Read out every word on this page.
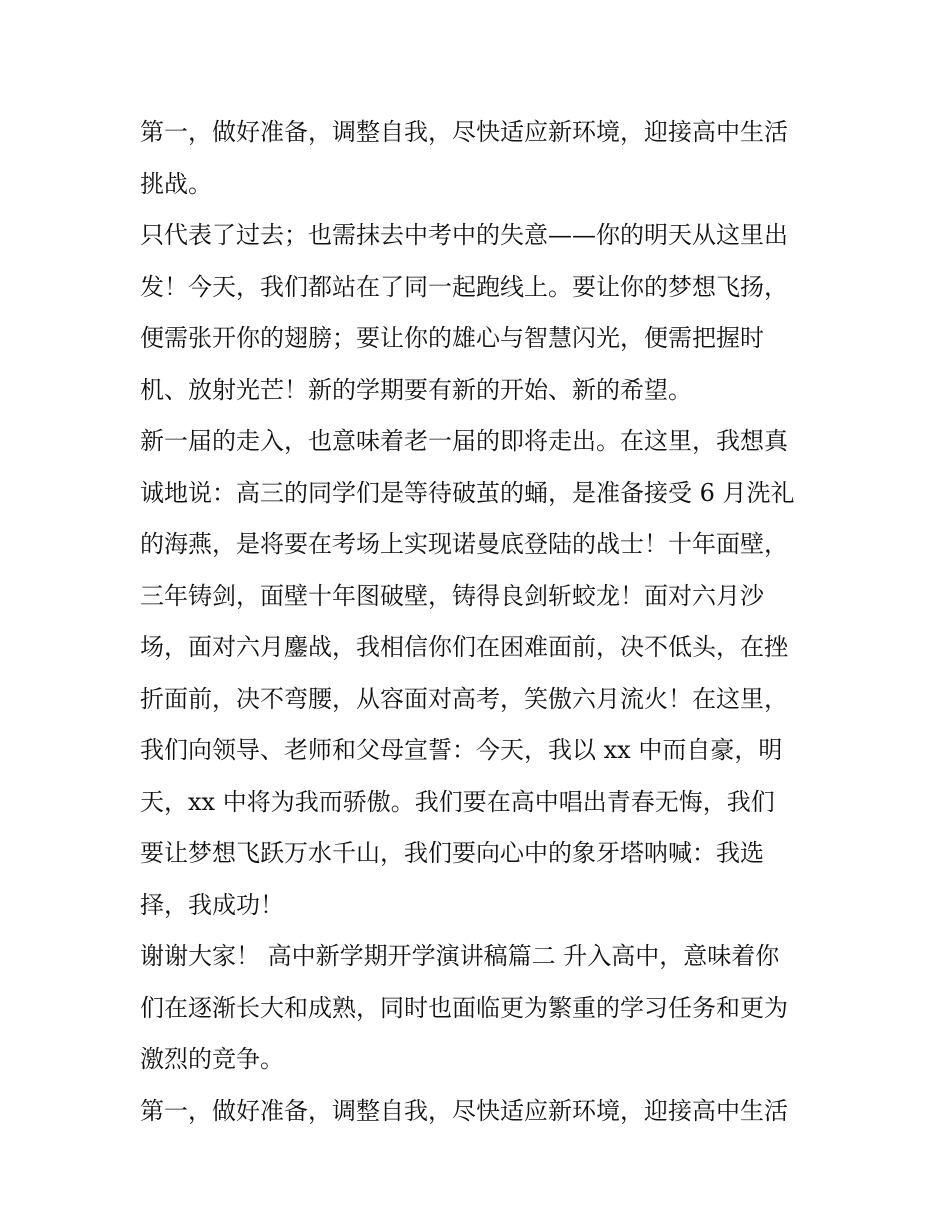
第一，做好准备，调整自我，尽快适应新环境，迎接高中生活
挑战。
只代表了过去；也需抹去中考中的失意——你的明天从这里出
发！今天，我们都站在了同一起跑线上。要让你的梦想飞扬，
便需张开你的翅膀；要让你的雄心与智慧闪光，便需把握时
机、放射光芒！新的学期要有新的开始、新的希望。
新一届的走入，也意味着老一届的即将走出。在这里，我想真
诚地说：高三的同学们是等待破茧的蛹，是准备接受 6 月洗礼
的海燕，是将要在考场上实现诺曼底登陆的战士！十年面壁，
三年铸剑，面壁十年图破壁，铸得良剑斩蛟龙！面对六月沙
场，面对六月鏖战，我相信你们在困难面前，决不低头，在挫
折面前，决不弯腰，从容面对高考，笑傲六月流火！在这里，
我们向领导、老师和父母宣誓：今天，我以 xx 中而自豪，明
天，xx 中将为我而骄傲。我们要在高中唱出青春无悔，我们
要让梦想飞跃万水千山，我们要向心中的象牙塔呐喊：我选
择，我成功！
谢谢大家！ 高中新学期开学演讲稿篇二 升入高中，意味着你
们在逐渐长大和成熟，同时也面临更为繁重的学习任务和更为
激烈的竞争。
第一，做好准备，调整自我，尽快适应新环境，迎接高中生活
